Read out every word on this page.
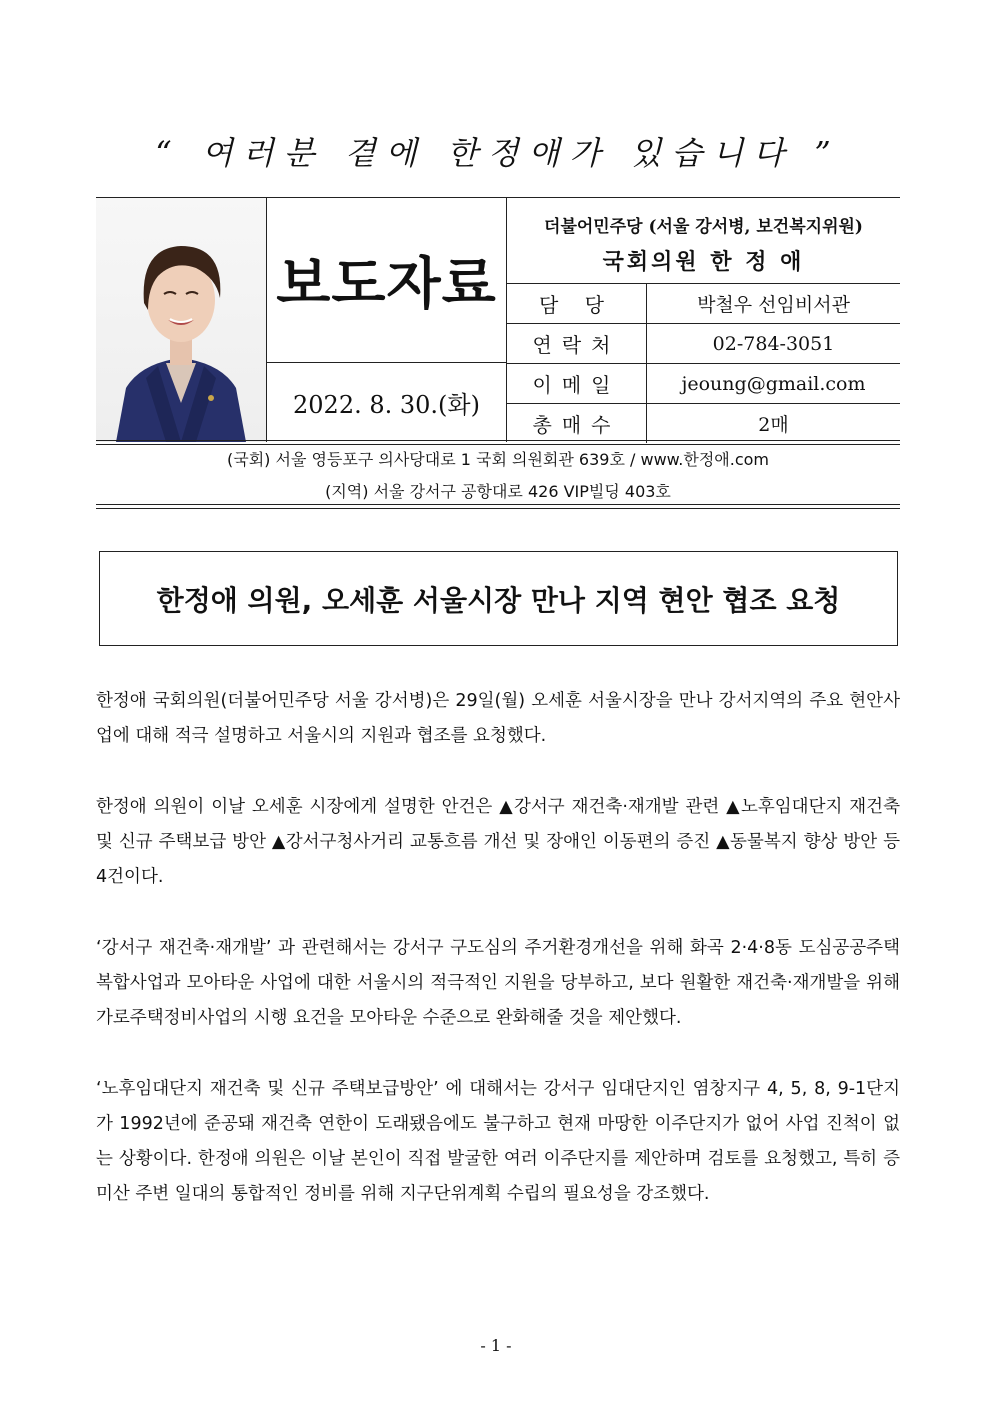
“ 여러분 곁에 한정애가 있습니다 ”
보도자료
2022. 8. 30.(화)
더불어민주당 (서울 강서병, 보건복지위원)
국회의원 한 정 애
담 당	박철우 선임비서관
연락처	02-784-3051
이메일	jeoung@gmail.com
총매수	2매
(국회) 서울 영등포구 의사당대로 1 국회 의원회관 639호 / www.한정애.com
(지역) 서울 강서구 공항대로 426 VIP빌딩 403호
한정애 의원, 오세훈 서울시장 만나 지역 현안 협조 요청

한정애 국회의원(더불어민주당 서울 강서병)은 29일(월) 오세훈 서울시장을 만나 강서지역의 주요 현안사업에 대해 적극 설명하고 서울시의 지원과 협조를 요청했다.

한정애 의원이 이날 오세훈 시장에게 설명한 안건은 ▲강서구 재건축·재개발 관련 ▲노후임대단지 재건축 및 신규 주택보급 방안 ▲강서구청사거리 교통흐름 개선 및 장애인 이동편의 증진 ▲동물복지 향상 방안 등 4건이다.

‘강서구 재건축·재개발’ 과 관련해서는 강서구 구도심의 주거환경개선을 위해 화곡 2·4·8동 도심공공주택복합사업과 모아타운 사업에 대한 서울시의 적극적인 지원을 당부하고, 보다 원활한 재건축·재개발을 위해 가로주택정비사업의 시행 요건을 모아타운 수준으로 완화해줄 것을 제안했다.

‘노후임대단지 재건축 및 신규 주택보급방안’ 에 대해서는 강서구 임대단지인 염창지구 4, 5, 8, 9-1단지가 1992년에 준공돼 재건축 연한이 도래됐음에도 불구하고 현재 마땅한 이주단지가 없어 사업 진척이 없는 상황이다. 한정애 의원은 이날 본인이 직접 발굴한 여러 이주단지를 제안하며 검토를 요청했고, 특히 증미산 주변 일대의 통합적인 정비를 위해 지구단위계획 수립의 필요성을 강조했다.

- 1 -
